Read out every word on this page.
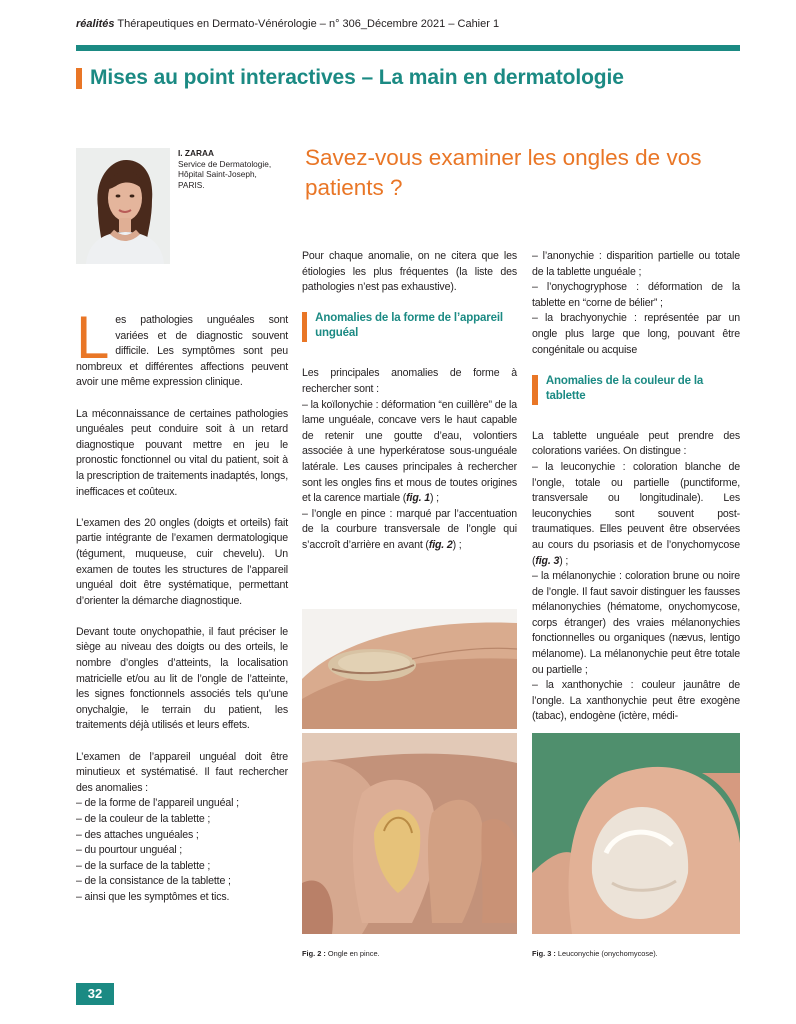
réalités Thérapeutiques en Dermato-Vénérologie – n° 306_Décembre 2021 – Cahier 1
Mises au point interactives – La main en dermatologie
I. ZARAA
Service de Dermatologie,
Hôpital Saint-Joseph,
PARIS.
Savez-vous examiner les ongles de vos patients ?

Les pathologies unguéales sont variées et de diagnostic souvent difficile. Les symptômes sont peu nombreux et différentes affections peuvent avoir une même expression clinique.

La méconnaissance de certaines pathologies unguéales peut conduire soit à un retard diagnostique pouvant mettre en jeu le pronostic fonctionnel ou vital du patient, soit à la prescription de traitements inadaptés, longs, inefficaces et coûteux.

L’examen des 20 ongles (doigts et orteils) fait partie intégrante de l’examen dermatologique (tégument, muqueuse, cuir chevelu). Un examen de toutes les structures de l’appareil unguéal doit être systématique, permettant d’orienter la démarche diagnostique.

Devant toute onychopathie, il faut préciser le siège au niveau des doigts ou des orteils, le nombre d’ongles d’atteints, la localisation matricielle et/ou au lit de l’ongle de l’atteinte, les signes fonctionnels associés tels qu’une onychalgie, le terrain du patient, les traitements déjà utilisés et leurs effets.

L’examen de l’appareil unguéal doit être minutieux et systématisé. Il faut rechercher des anomalies :

– de la forme de l’appareil unguéal ;
– de la couleur de la tablette ;
– des attaches unguéales ;
– du pourtour unguéal ;
– de la surface de la tablette ;
– de la consistance de la tablette ;
– ainsi que les symptômes et tics.

Pour chaque anomalie, on ne citera que les étiologies les plus fréquentes (la liste des pathologies n’est pas exhaustive).

Anomalies de la forme de l’appareil unguéal

Les principales anomalies de forme à rechercher sont :

– la koïlonychie : déformation “en cuillère” de la lame unguéale, concave vers le haut capable de retenir une goutte d’eau, volontiers associée à une hyperkératose sous-unguéale latérale. Les causes principales à rechercher sont les ongles fins et mous de toutes origines et la carence martiale (fig. 1) ;

– l’ongle en pince : marqué par l’accentuation de la courbure transversale de l’ongle qui s’accroît d’arrière en avant (fig. 2) ;

– l’anonychie : disparition partielle ou totale de la tablette unguéale ;

– l’onychogryphose : déformation de la tablette en “corne de bélier” ;

– la brachyonychie : représentée par un ongle plus large que long, pouvant être congénitale ou acquise

Anomalies de la couleur de la tablette

La tablette unguéale peut prendre des colorations variées. On distingue :

– la leuconychie : coloration blanche de l’ongle, totale ou partielle (punctiforme, transversale ou longitudinale). Les leuconychies sont souvent post-traumatiques. Elles peuvent être observées au cours du psoriasis et de l’onychomycose (fig. 3) ;

– la mélanonychie : coloration brune ou noire de l’ongle. Il faut savoir distinguer les fausses mélanonychies (hématome, onychomycose, corps étranger) des vraies mélanonychies fonctionnelles ou organiques (nævus, lentigo mélanome). La mélanonychie peut être totale ou partielle ;

– la xanthonychie : couleur jaunâtre de l’ongle. La xanthonychie peut être exogène (tabac), endogène (ictère, médi-

Fig. 2 : Ongle en pince.	Fig. 3 : Leuconychie (onychomycose).
32
